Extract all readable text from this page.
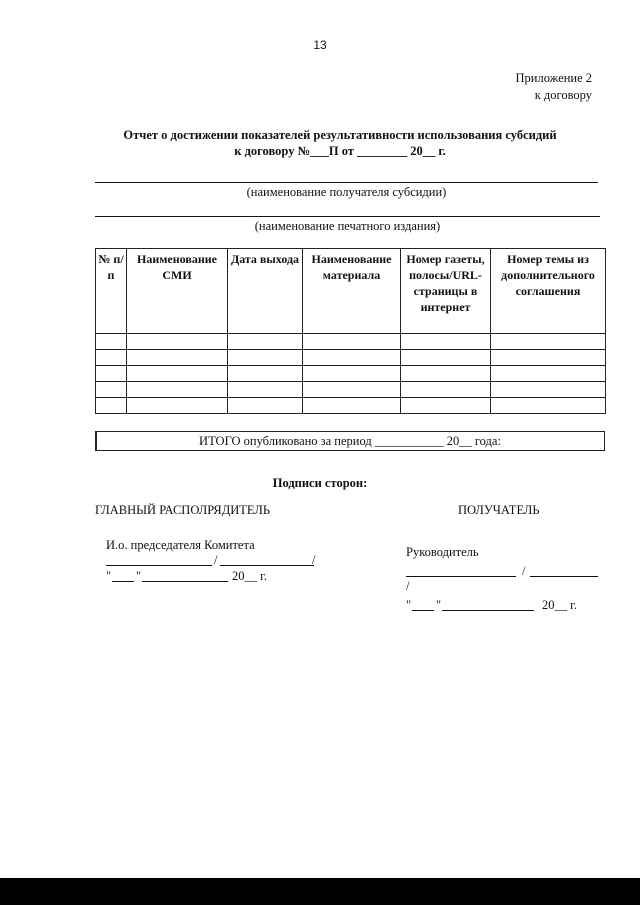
13
Приложение 2
к договору
Отчет о достижении показателей результативности использования субсидий
к договору №___П от ________ 20__ г.
(наименование получателя субсидии)
(наименование печатного издания)
№ п/п	Наименование СМИ	Дата выхода	Наименование материала	Номер газеты, полосы/URL-страницы в интернет	Номер темы из дополнительного соглашения

ИТОГО опубликовано за период ___________ 20__ года:
Подписи сторон:
ГЛАВНЫЙ РАСПОЛРЯДИТЕЛЬ
И.о. председателя Комитета
/	/
" "	20__ г.
ПОЛУЧАТЕЛЬ
Руководитель
/
/
" "	20__ г.
